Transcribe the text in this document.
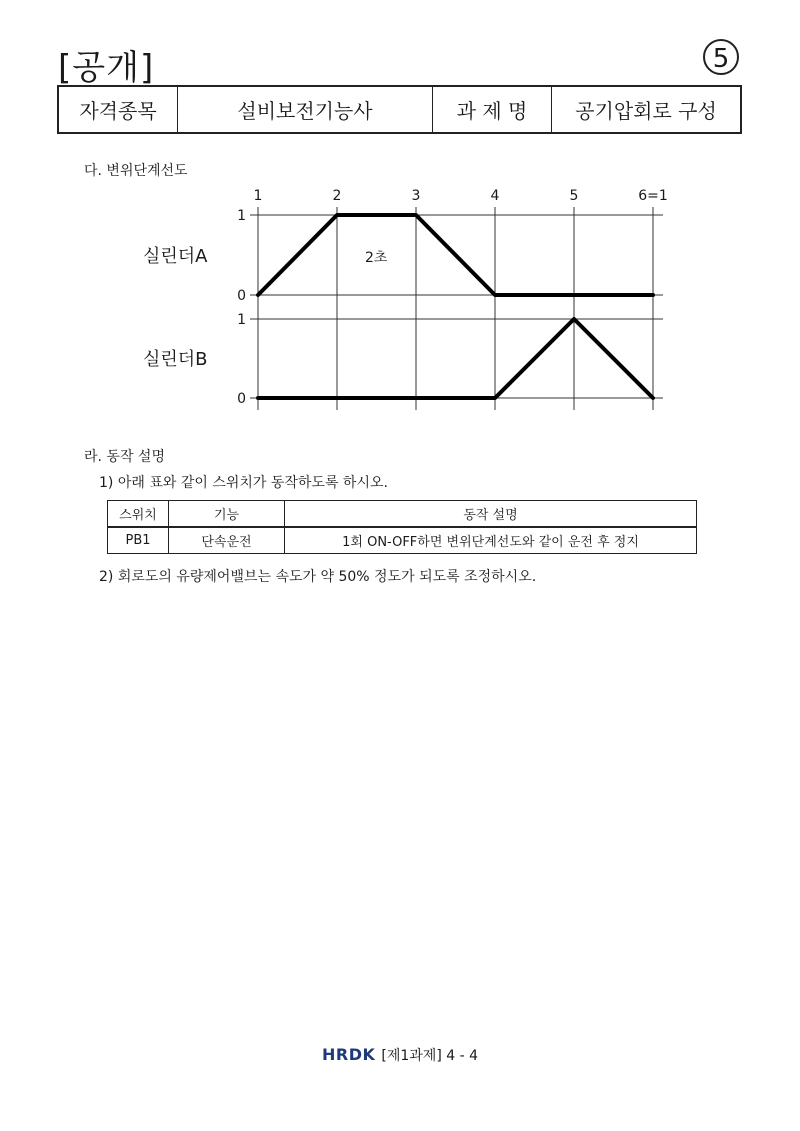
[공개]	5
자격종목	설비보전기능사	과 제 명	공기압회로 구성
다. 변위단계선도
1	2	3	4	5	6=1
1
0
1
0
실린더A
실린더B
2초
라. 동작 설명
1) 아래 표와 같이 스위치가 동작하도록 하시오.
스위치	기능	동작 설명
PB1	단속운전	1회 ON-OFF하면 변위단계선도와 같이 운전 후 정지
2) 회로도의 유량제어밸브는 속도가 약 50% 정도가 되도록 조정하시오.
HRDK [제1과제] 4 - 4
